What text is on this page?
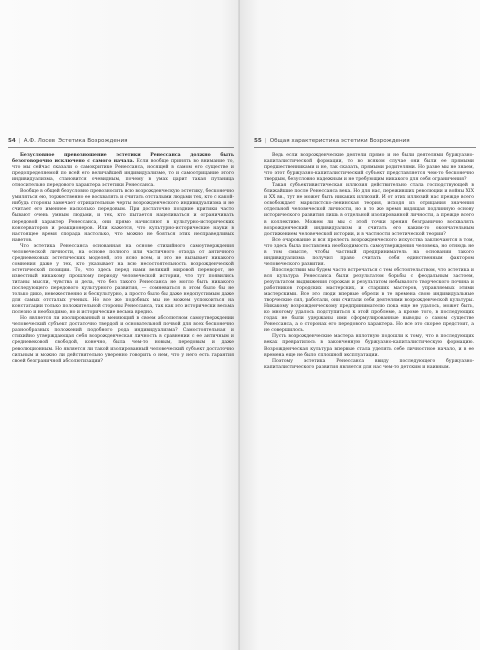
54 | А.Ф. Лосев Эстетика Возрождения

Безусловное превозношение эстетики Ренессанса должно быть безоговорочно исключено с самого начала. Если вообще принять во внимание то, что мы сейчас сказали о самокритике Ренессанса, носящей в самом его существе и предопределяемой по всей его величайшей индивидуализме, то и самоотрицание этого индивидуализма, становится очевидным, почему в умах царит такая путаница относительно передового характера эстетики Ренессанса.

Вообще в общей безусловно превозносить всю возрожденческую эстетику, бесконечно умиляться ею, торжественно ее восхвалять и считать отсталыми людьми тех, кто с какой-нибудь стороны замечает отрицательные черты возрожденческого индивидуализма и не считает его именнее насколько передовым. При достаточно поздние критики часто бывают очень умным людьми, и тех, кто пытается нацеливаться и ограничивать передовой характер Ренессанса, они прямо начисляют в культурно-исторических консерваторов и реакционеров. Или кажется, что культурно-исторические науки в настоящее время спорада настолько, что можно не бояться этих несправедливых наветов.

Что эстетика Ренессанса основанная на основе стихийного самоутверждения человеческой личности, на основе полного или частичного отхода от античного средневековых эстетических моделей, это ясно всем, и это не вызывает никакого сомнения даже у тех, кто указывает на всю несостоятельность возрожденческой эстетической позиции. То, что здесь перед нами великий мировой переворот, не известный никакому прошлому периоду человеческой истории, что тут появились титаны мысли, чувства и дела, что без такого Ренессанса не могло быть никакого последующего передового культурного развития, — сомневаться в этом было бы не только дико, невежественно и бескультурно, а просто было бы даже недопустимым даже для самых отсталых ученых. Но все же подобных мы не можем успокоиться на констатации только положительной стороны Ренессанса, так как это исторически весьма полезно и необходимо, но и исторические весьма вредно.

Но является ли изолированный и меняющий в своем абсолютном самоутверждении человеческий субъект достаточно твердой и основательной почвой для всех бесконечно разнообразных положений подобного рода индивидуализма? Самостоятельная и стихийно утверждающая себя возрожденческая личность в сравнении с ее античным и средневековой свободой, конечно, была чем-то новым, передовым и даже революционным. Но является ли такой изолированный человеческий субъект достаточно сильным и можно ли действительно уверенно говорить о нем, что у него есть гарантия своей безграничной абсолютизации?

55 | Общая характеристика эстетики Возрождения

Ведь если возрожденческие деятели прямо и не были деятелями буржуазно-капиталистической формации, то во всяком случае они были ее прямыми предшественниками и не, так сказать, прямыми родителями. Но разве мы не знаем, что этот буржуазно-капиталистический субъект представляется чем-то бесконечно твердым, безусловно надежным и не требующим никакого для себя ограничения?

Такая субъективистическая иллюзия действительно стала господствующей в ближайшие после Ренессанса века. Но для нас, переживших революции и войны XIX и XX вв., тут не может быть никаких иллюзий. И от этих иллюзий нас прежде всего освобождает марксистско-ленинская теория, исходя из отрицания значения отдельной человеческой личности, но в то же время видящая подлинную основу исторического развития лишь в отдельной изолированной личности, а прежде всего в коллективе. Можем ли мы с этой точки зрения безгранично восхвалять возрожденческий индивидуализм и считать его каким-то окончательным достижением человеческой истории, и в частности эстетической теории?

Все очарование и вся прелесть возрожденческого искусства заключаются в том, что здесь была поставлена необходимость самоутверждения человека, но отнюдь не в том смысле, чтобы частный предприниматель на основании такого индивидуализма получил право считать себя единственным фактором человеческого развития.

Впоследствии мы будем часто встречаться с тем обстоятельством, что эстетика и вся культура Ренессанса были результатом борьбы с феодальным застоем, результатом выдвижения горожан и результатом небывалого творческого почина и работников городских мастерских, и старших мастеров, управляемых этими мастерскими. Все это люди впервые обрели в те времена свою индивидуальные творческие сил, работали, они считали себя деятелями возрожденческой культуры. Никакому возрожденческому предпринимателю пока еще не удалось, может быть, ко многому удалось подступиться к этой проблеме, а кроме того, в последующих годах не были удержаны ими сформулированные выводы о самом существе Ренессанса, а о сторонах его передового характера. Но все это скорее предстоит, а не совершилось.

Пусть возрожденческие мастера вплотную подошли к тому, что в последующих веках превратилось в законченную буржуазно-капиталистическую формацию. Возрожденческая культура впервые стала уделять себе личностное начало, и в ее времена еще не было сплошной эксплуатации.

Поэтому эстетика Ренессанса ввиду последующего буржуазно-капиталистического развития является для нас чем-то детским и наивным.
